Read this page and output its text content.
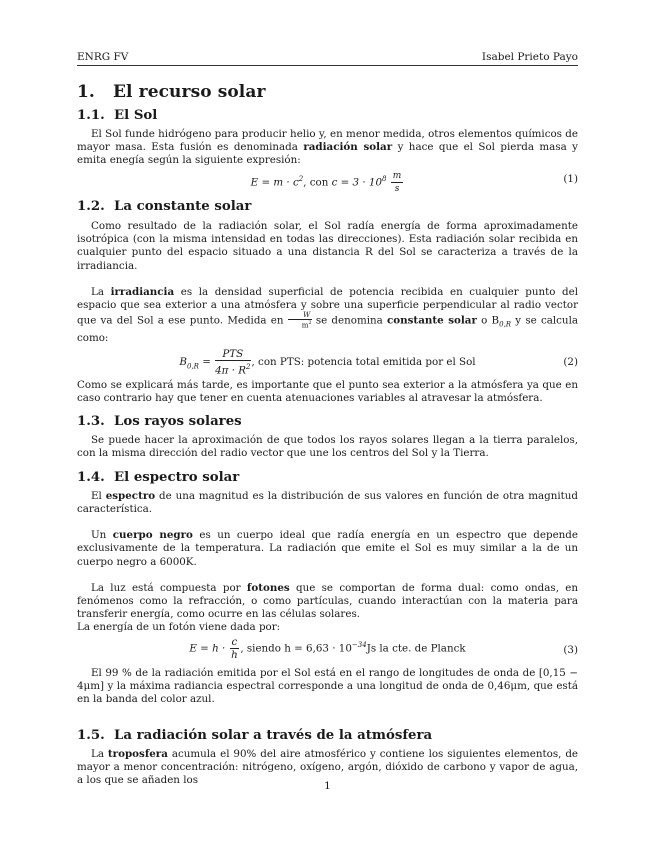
ENRG FV	Isabel Prieto Payo
1. El recurso solar
1.1. El Sol

El Sol funde hidrógeno para producir helio y, en menor medida, otros elementos químicos de mayor masa. Esta fusión es denominada radiación solar y hace que el Sol pierda masa y emita enegía según la siguiente expresión:

$E = m \cdot c^2$, con $c = 3 \cdot 10^8 \frac{m}{s}$	(1)
1.2. La constante solar

Como resultado de la radiación solar, el Sol radía energía de forma aproximadamente isotrópica (con la misma intensidad en todas las direcciones). Esta radiación solar recibida en cualquier punto del espacio situado a una distancia R del Sol se caracteriza a través de la irradiancia.

La irradiancia es la densidad superficial de potencia recibida en cualquier punto del espacio que sea exterior a una atmósfera y sobre una superficie perpendicular al radio vector que va del Sol a ese punto. Medida en $\frac{W}{m^2}$ se denomina constante solar o $B_{0,R}$ y se calcula como:

$B_{0,R} = \frac{\text{PTS}}{4\pi \cdot R^2}$ , con PTS: potencia total emitida por el Sol	(2)

Como se explicará más tarde, es importante que el punto sea exterior a la atmósfera ya que en caso contrario hay que tener en cuenta atenuaciones variables al atravesar la atmósfera.

1.3. Los rayos solares

Se puede hacer la aproximación de que todos los rayos solares llegan a la tierra paralelos, con la misma dirección del radio vector que une los centros del Sol y la Tierra.

1.4. El espectro solar

El espectro de una magnitud es la distribución de sus valores en función de otra magnitud característica.

Un cuerpo negro es un cuerpo ideal que radía energía en un espectro que depende exclusivamente de la temperatura. La radiación que emite el Sol es muy similar a la de un cuerpo negro a 6000K.

La luz está compuesta por fotones que se comportan de forma dual: como ondas, en fenómenos como la refracción, o como partículas, cuando interactúan con la materia para transferir energía, como ocurre en las células solares.

La energía de un fotón viene dada por:

$E = h \cdot \frac{c}{h}$ , siendo $h = 6,63 \cdot 10^{-34}Js$ la cte. de Planck	(3)

El 99 % de la radiación emitida por el Sol está en el rango de longitudes de onda de [0,15 − 4μm] y la máxima radiancia espectral corresponde a una longitud de onda de 0,46μm, que está en la banda del color azul.

1.5. La radiación solar a través de la atmósfera

La troposfera acumula el 90% del aire atmosférico y contiene los siguientes elementos, de mayor a menor concentración: nitrógeno, oxígeno, argón, dióxido de carbono y vapor de agua, a los que se añaden los	1
